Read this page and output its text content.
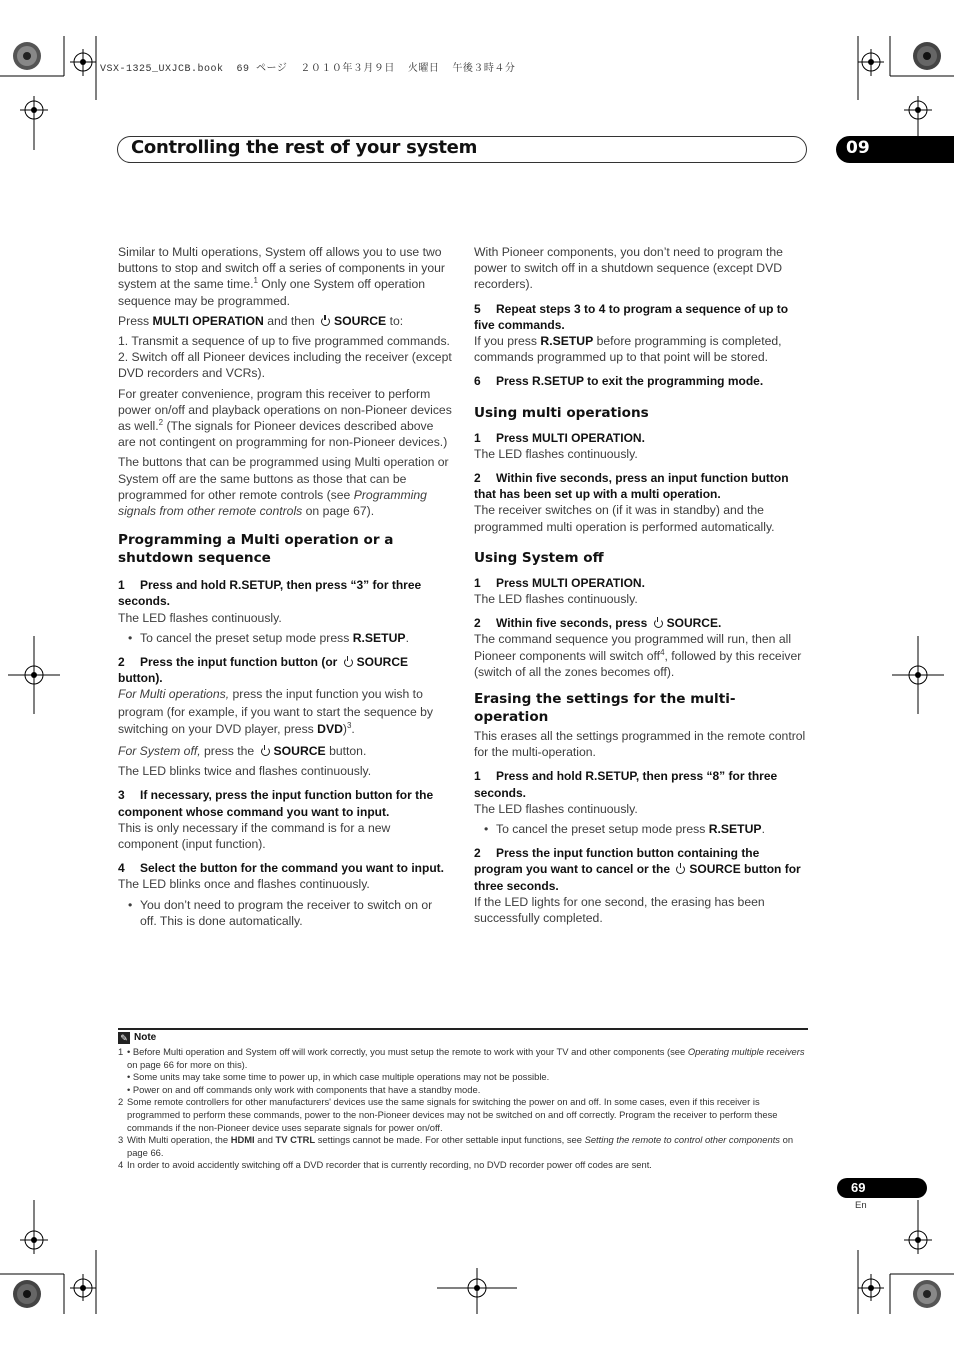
VSX-1325_UXJCB.book  69 ページ  ２０１０年３月９日  火曜日  午後３時４分
Controlling the rest of your system	09

Similar to Multi operations, System off allows you to use two buttons to stop and switch off a series of components in your system at the same time.$^1$ Only one System off operation sequence may be programmed.

Press MULTI OPERATION and then SOURCE to:

1. Transmit a sequence of up to five programmed commands.

2. Switch off all Pioneer devices including the receiver (except DVD recorders and VCRs).

For greater convenience, program this receiver to perform power on/off and playback operations on non-Pioneer devices as well.$^2$ (The signals for Pioneer devices described above are not contingent on programming for non-Pioneer devices.)

The buttons that can be programmed using Multi operation or System off are the same buttons as those that can be programmed for other remote controls (see Programming signals from other remote controls on page 67).

Programming a Multi operation or a shutdown sequence

1 Press and hold R.SETUP, then press “3” for three seconds.

The LED flashes continuously.

• To cancel the preset setup mode press R.SETUP.

2 Press the input function button (or SOURCE button).

For Multi operations, press the input function you wish to program (for example, if you want to start the sequence by switching on your DVD player, press DVD)$^3$.

For System off, press the SOURCE button.

The LED blinks twice and flashes continuously.

3 If necessary, press the input function button for the component whose command you want to input.

This is only necessary if the command is for a new component (input function).

4 Select the button for the command you want to input.

The LED blinks once and flashes continuously.

• You don’t need to program the receiver to switch on or off. This is done automatically.

With Pioneer components, you don’t need to program the power to switch off in a shutdown sequence (except DVD recorders).

5 Repeat steps 3 to 4 to program a sequence of up to five commands.

If you press R.SETUP before programming is completed, commands programmed up to that point will be stored.

6 Press R.SETUP to exit the programming mode.

Using multi operations

1 Press MULTI OPERATION.

The LED flashes continuously.

2 Within five seconds, press an input function button that has been set up with a multi operation.

The receiver switches on (if it was in standby) and the programmed multi operation is performed automatically.

Using System off

1 Press MULTI OPERATION.

The LED flashes continuously.

2 Within five seconds, press SOURCE.

The command sequence you programmed will run, then all Pioneer components will switch off$^4$, followed by this receiver (switch of all the zones becomes off).

Erasing the settings for the multi-operation

This erases all the settings programmed in the remote control for the multi-operation.

1 Press and hold R.SETUP, then press “8” for three seconds.

The LED flashes continuously.

• To cancel the preset setup mode press R.SETUP.

2 Press the input function button containing the program you want to cancel or the SOURCE button for three seconds.

If the LED lights for one second, the erasing has been successfully completed.

✎ Note
1 • Before Multi operation and System off will work correctly, you must setup the remote to work with your TV and other components (see Operating multiple receivers on page 66 for more on this).
• Some units may take some time to power up, in which case multiple operations may not be possible.
• Power on and off commands only work with components that have a standby mode.
2 Some remote controllers for other manufacturers' devices use the same signals for switching the power on and off. In some cases, even if this receiver is programmed to perform these commands, power to the non-Pioneer devices may not be switched on and off correctly. Program the receiver to perform these commands if the non-Pioneer device uses separate signals for power on/off.
3 With Multi operation, the HDMI and TV CTRL settings cannot be made. For other settable input functions, see Setting the remote to control other components on page 66.
4 In order to avoid accidently switching off a DVD recorder that is currently recording, no DVD recorder power off codes are sent.
69
En
